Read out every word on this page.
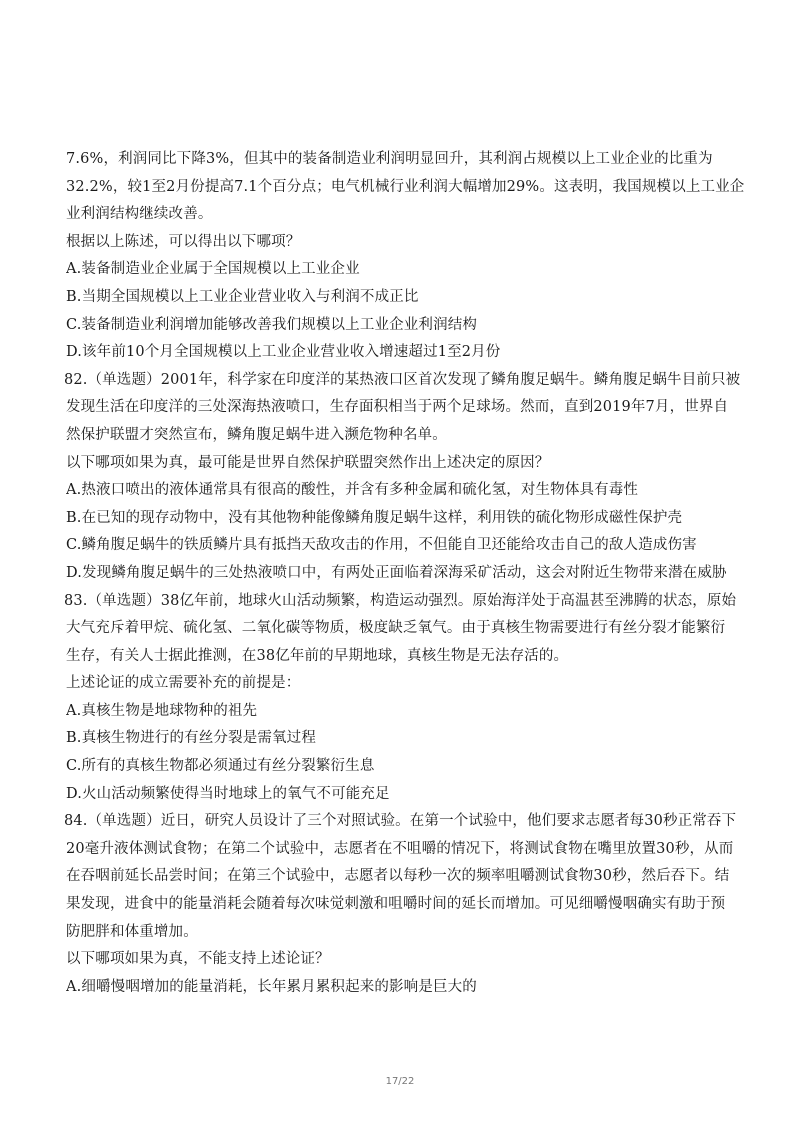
7.6%，利润同比下降3%，但其中的装备制造业利润明显回升，其利润占规模以上工业企业的比重为
32.2%，较1至2月份提高7.1个百分点；电气机械行业利润大幅增加29%。这表明，我国规模以上工业企
业利润结构继续改善。
根据以上陈述，可以得出以下哪项？
A.装备制造业企业属于全国规模以上工业企业
B.当期全国规模以上工业企业营业收入与利润不成正比
C.装备制造业利润增加能够改善我们规模以上工业企业利润结构
D.该年前10个月全国规模以上工业企业营业收入增速超过1至2月份
82.（单选题）2001年，科学家在印度洋的某热液口区首次发现了鳞角腹足蜗牛。鳞角腹足蜗牛目前只被
发现生活在印度洋的三处深海热液喷口，生存面积相当于两个足球场。然而，直到2019年7月，世界自
然保护联盟才突然宣布，鳞角腹足蜗牛进入濒危物种名单。
以下哪项如果为真，最可能是世界自然保护联盟突然作出上述决定的原因？
A.热液口喷出的液体通常具有很高的酸性，并含有多种金属和硫化氢，对生物体具有毒性
B.在已知的现存动物中，没有其他物种能像鳞角腹足蜗牛这样，利用铁的硫化物形成磁性保护壳
C.鳞角腹足蜗牛的铁质鳞片具有抵挡天敌攻击的作用，不但能自卫还能给攻击自己的敌人造成伤害
D.发现鳞角腹足蜗牛的三处热液喷口中，有两处正面临着深海采矿活动，这会对附近生物带来潜在威胁
83.（单选题）38亿年前，地球火山活动频繁，构造运动强烈。原始海洋处于高温甚至沸腾的状态，原始
大气充斥着甲烷、硫化氢、二氧化碳等物质，极度缺乏氧气。由于真核生物需要进行有丝分裂才能繁衍
生存，有关人士据此推测，在38亿年前的早期地球，真核生物是无法存活的。
上述论证的成立需要补充的前提是：
A.真核生物是地球物种的祖先
B.真核生物进行的有丝分裂是需氧过程
C.所有的真核生物都必须通过有丝分裂繁衍生息
D.火山活动频繁使得当时地球上的氧气不可能充足
84.（单选题）近日，研究人员设计了三个对照试验。在第一个试验中，他们要求志愿者每30秒正常吞下
20毫升液体测试食物；在第二个试验中，志愿者在不咀嚼的情况下，将测试食物在嘴里放置30秒，从而
在吞咽前延长品尝时间；在第三个试验中，志愿者以每秒一次的频率咀嚼测试食物30秒，然后吞下。结
果发现，进食中的能量消耗会随着每次味觉刺激和咀嚼时间的延长而增加。可见细嚼慢咽确实有助于预
防肥胖和体重增加。
以下哪项如果为真，不能支持上述论证？
A.细嚼慢咽增加的能量消耗，长年累月累积起来的影响是巨大的
17/22
